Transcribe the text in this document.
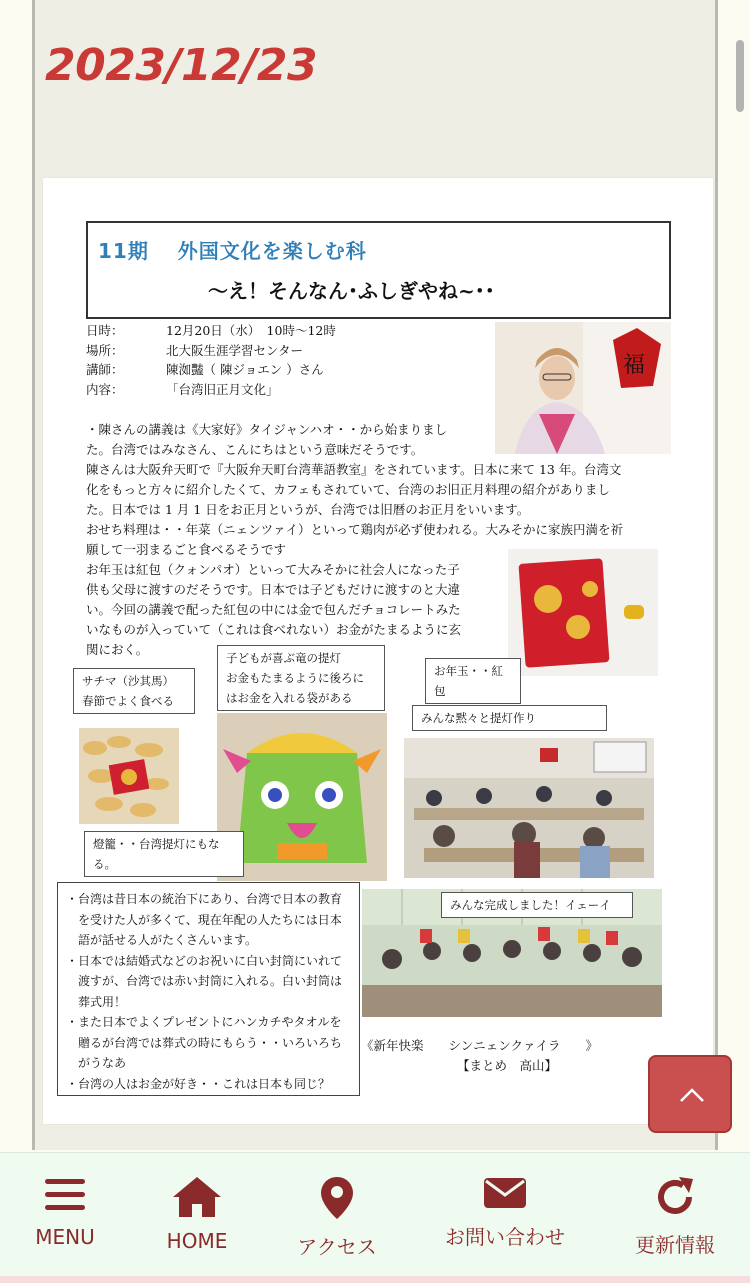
2023/12/23
11期　 外国文化を楽しむ科
～え！そんなん･ふしぎやね~･･
日時：	12月20日（水）　10時～12時
場所：	北大阪生涯学習センター
講師：	陳洳豔（ 陳ジョエン ）さん
内容：	「台湾旧正月文化」
福
・陳さんの講義は《大家好》タイジャンハオ・・から始まりまし
た。台湾ではみなさん、こんにちはという意味だそうです。
陳さんは大阪弁天町で『大阪弁天町台湾華語教室』をされています。日本に来て 13 年。台湾文
化をもっと方々に紹介したくて、カフェもされていて、台湾のお旧正月料理の紹介がありまし
た。日本では 1 月 1 日をお正月というが、台湾では旧暦のお正月をいいます。
おせち料理は・・年菜（ニェンツァイ）といって鶏肉が必ず使われる。大みそかに家族円満を祈
願して一羽まるごと食べるそうです
お年玉は紅包（クォンパオ）といって大みそかに社会人になった子
供も父母に渡すのだそうです。日本では子どもだけに渡すのと大違
い。今回の講義で配った紅包の中には金で包んだチョコレートみた
いなものが入っていて（これは食べれない）お金がたまるように玄
関におく。
サチマ（沙其馬）
春節でよく食べる
子どもが喜ぶ竜の提灯
お金もたまるように後ろに
はお金を入れる袋がある
燈籠・・台湾提灯にもなる。
お年玉・・紅包
みんな黙々と提灯作り
みんな完成しました！イェーイ
・台湾は昔日本の統治下にあり、台湾で日本の教育
　を受けた人が多くて、現在年配の人たちには日本
　語が話せる人がたくさんいます。
・日本では結婚式などのお祝いに白い封筒にいれて
　渡すが、台湾では赤い封筒に入れる。白い封筒は
　葬式用！
・また日本でよくプレゼントにハンカチやタオルを
　贈るが台湾では葬式の時にもらう・・いろいろち
　がうなあ
・台湾の人はお金が好き・・これは日本も同じ？
《新年快楽　　シンニェンクァイラ　　》
【まとめ　高山】
MENU	HOME	アクセス	お問い合わせ	更新情報
